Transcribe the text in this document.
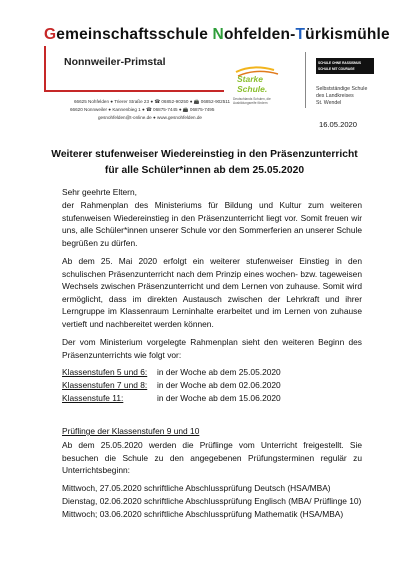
Gemeinschaftsschule Nohfelden-Türkismühle
Nonnweiler-Primstal
66625 Nohfelden ● Trierer Straße 23 ● ☎ 06852-90250 ● 📠 06852-902511
66620 Nonnweiler ● Kannenbieg 1 ● ☎ 06875-7445 ● 📠 06875-7495
gesnohfelden@t-online.de ● www.gesnohfelden.de
Starke
Schule.
Deutschlands Schulen, die Ausbildungsreife fördern
SCHULE OHNE RASSISMUS
SCHULE MIT COURAGE
Selbstständige Schule
des Landkreises
St. Wendel
16.05.2020
Weiterer stufenweiser Wiedereinstieg in den Präsenzunterricht
für alle Schüler*innen ab dem 25.05.2020
Sehr geehrte Eltern,

der Rahmenplan des Ministeriums für Bildung und Kultur zum weiteren stufenweisen Wiedereinstieg in den Präsenzunterricht liegt vor. Somit freuen wir uns, alle Schüler*innen unserer Schule vor den Sommerferien an unserer Schule begrüßen zu dürfen.

Ab dem 25. Mai 2020 erfolgt ein weiterer stufenweiser Einstieg in den schulischen Präsenzunterricht nach dem Prinzip eines wochen- bzw. tageweisen Wechsels zwischen Präsenzunterricht und dem Lernen von zuhause. Somit wird ermöglicht, dass im direkten Austausch zwischen der Lehrkraft und ihrer Lerngruppe im Klassenraum Lerninhalte erarbeitet und im Lernen von zuhause vertieft und nachbereitet werden können.

Der vom Ministerium vorgelegte Rahmenplan sieht den weiteren Beginn des Präsenzunterrichts wie folgt vor:

Klassenstufen 5 und 6: in der Woche ab dem 25.05.2020
Klassenstufen 7 und 8: in der Woche ab dem 02.06.2020
Klassenstufe 11:	in der Woche ab dem 15.06.2020
Prüflinge der Klassenstufen 9 und 10

Ab dem 25.05.2020 werden die Prüflinge vom Unterricht freigestellt. Sie besuchen die Schule zu den angegebenen Prüfungsterminen regulär zu Unterrichtsbeginn:

Mittwoch, 27.05.2020 schriftliche Abschlussprüfung Deutsch (HSA/MBA)
Dienstag, 02.06.2020 schriftliche Abschlussprüfung Englisch (MBA/ Prüflinge 10)
Mittwoch; 03.06.2020 schriftliche Abschlussprüfung Mathematik (HSA/MBA)
